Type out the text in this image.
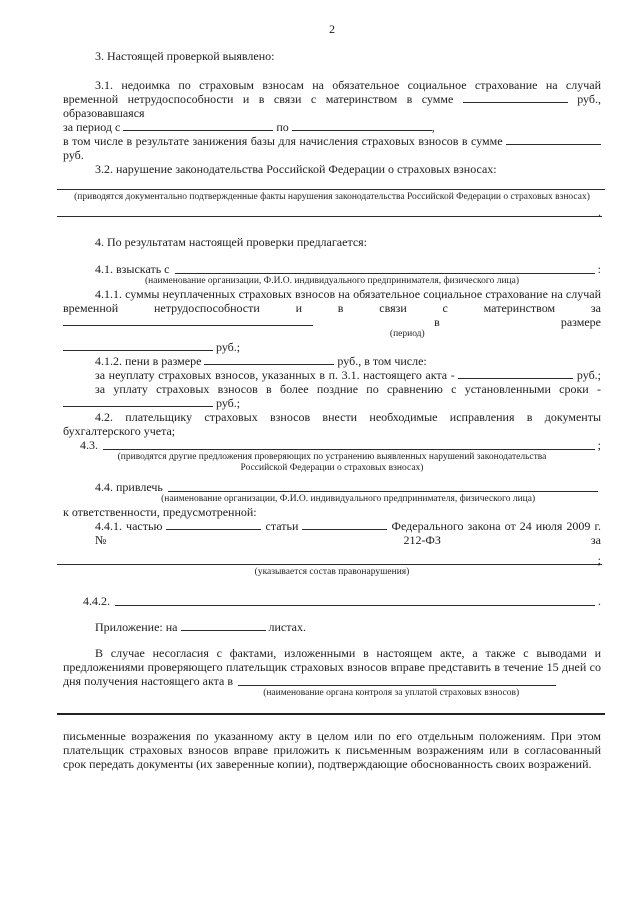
2
3. Настоящей проверкой выявлено:
3.1. недоимка по страховым взносам на обязательное социальное страхование на случай
временной нетрудоспособности и в связи с материнством в сумме	руб., образовавшаяся
за период с	по	,
в том числе в результате занижения базы для начисления страховых взносов в сумме  руб.
3.2. нарушение законодательства Российской Федерации о страховых взносах:
(приводятся документально подтвержденные факты нарушения законодательства Российской Федерации о страховых взносах)
.
4. По результатам настоящей проверки предлагается:
4.1. взыскать с	:
(наименование организации, Ф.И.О. индивидуального предпринимателя, физического лица)
4.1.1. суммы неуплаченных страховых взносов на обязательное социальное страхование на случай
временной нетрудоспособности и в связи с материнством за  в размере
(период)
руб.;
4.1.2. пени в размере	руб., в том числе:
за неуплату страховых взносов, указанных в п. 3.1. настоящего акта -	руб.;
за уплату страховых взносов в более поздние по сравнению с установленными сроки -
руб.;
4.2. плательщику страховых взносов внести необходимые исправления в документы
бухгалтерского учета;
4.3.	;
(приводятся другие предложения проверяющих по устранению выявленных нарушений законодательства
Российской Федерации о страховых взносах)
4.4. привлечь
(наименование организации, Ф.И.О. индивидуального предпринимателя, физического лица)
к ответственности, предусмотренной:
4.4.1. частью	статьи	Федерального закона от 24 июля 2009 г. № 212-ФЗ за
;
(указывается состав правонарушения)
4.4.2.	.
Приложение: на	листах.
В случае несогласия с фактами, изложенными в настоящем акте, а также с выводами и
предложениями проверяющего плательщик страховых взносов вправе представить в течение 15 дней со
дня получения настоящего акта в
(наименование органа контроля за уплатой страховых взносов)
письменные возражения по указанному акту в целом или по его отдельным положениям. При этом
плательщик страховых взносов вправе приложить к письменным возражениям или в согласованный
срок передать документы (их заверенные копии), подтверждающие обоснованность своих возражений.
